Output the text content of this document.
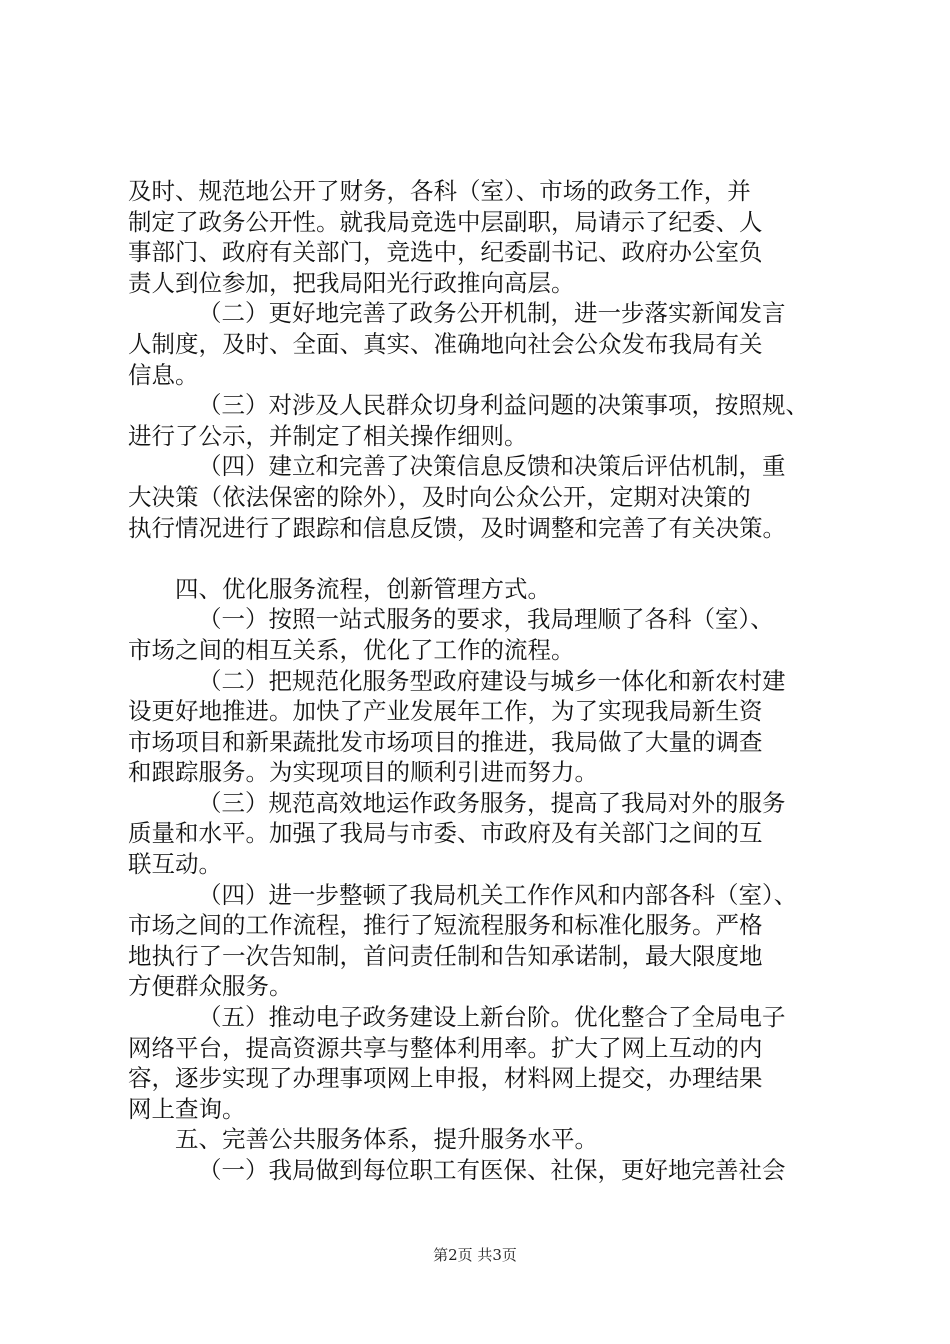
及时、规范地公开了财务，各科（室）、市场的政务工作，并
制定了政务公开性。就我局竞选中层副职，局请示了纪委、人
事部门、政府有关部门，竞选中，纪委副书记、政府办公室负
责人到位参加，把我局阳光行政推向高层。
（二）更好地完善了政务公开机制，进一步落实新闻发言
人制度，及时、全面、真实、准确地向社会公众发布我局有关
信息。
（三）对涉及人民群众切身利益问题的决策事项，按照规、
进行了公示，并制定了相关操作细则。
（四）建立和完善了决策信息反馈和决策后评估机制，重
大决策（依法保密的除外），及时向公众公开，定期对决策的
执行情况进行了跟踪和信息反馈，及时调整和完善了有关决策。
四、优化服务流程，创新管理方式。
（一）按照一站式服务的要求，我局理顺了各科（室）、
市场之间的相互关系，优化了工作的流程。
（二）把规范化服务型政府建设与城乡一体化和新农村建
设更好地推进。加快了产业发展年工作，为了实现我局新生资
市场项目和新果蔬批发市场项目的推进，我局做了大量的调查
和跟踪服务。为实现项目的顺利引进而努力。
（三）规范高效地运作政务服务，提高了我局对外的服务
质量和水平。加强了我局与市委、市政府及有关部门之间的互
联互动。
（四）进一步整顿了我局机关工作作风和内部各科（室）、
市场之间的工作流程，推行了短流程服务和标准化服务。严格
地执行了一次告知制，首问责任制和告知承诺制，最大限度地
方便群众服务。
（五）推动电子政务建设上新台阶。优化整合了全局电子
网络平台，提高资源共享与整体利用率。扩大了网上互动的内
容，逐步实现了办理事项网上申报，材料网上提交，办理结果
网上查询。
五、完善公共服务体系，提升服务水平。
（一）我局做到每位职工有医保、社保，更好地完善社会
第2页 共3页
